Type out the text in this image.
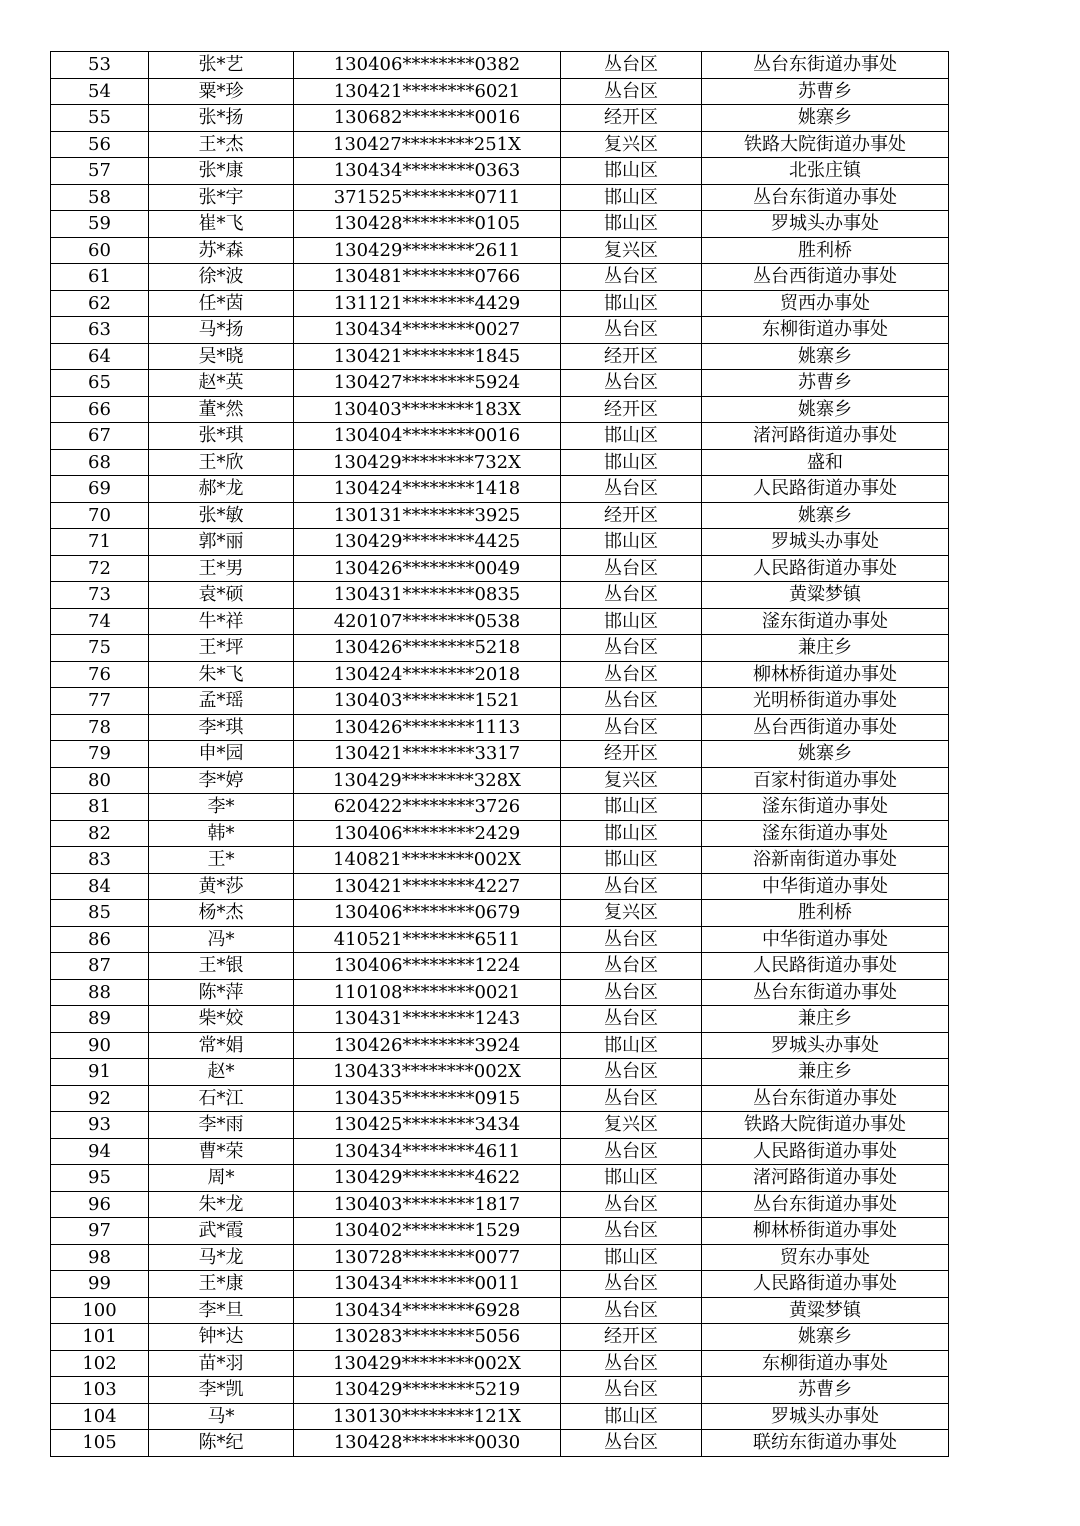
53	张*艺	130406********0382	丛台区	丛台东街道办事处
54	粟*珍	130421********6021	丛台区	苏曹乡
55	张*扬	130682********0016	经开区	姚寨乡
56	王*杰	130427********251X	复兴区	铁路大院街道办事处
57	张*康	130434********0363	邯山区	北张庄镇
58	张*宇	371525********0711	邯山区	丛台东街道办事处
59	崔*飞	130428********0105	邯山区	罗城头办事处
60	苏*森	130429********2611	复兴区	胜利桥
61	徐*波	130481********0766	丛台区	丛台西街道办事处
62	任*茵	131121********4429	邯山区	贸西办事处
63	马*扬	130434********0027	丛台区	东柳街道办事处
64	吴*晓	130421********1845	经开区	姚寨乡
65	赵*英	130427********5924	丛台区	苏曹乡
66	董*然	130403********183X	经开区	姚寨乡
67	张*琪	130404********0016	邯山区	渚河路街道办事处
68	王*欣	130429********732X	邯山区	盛和
69	郝*龙	130424********1418	丛台区	人民路街道办事处
70	张*敏	130131********3925	经开区	姚寨乡
71	郭*丽	130429********4425	邯山区	罗城头办事处
72	王*男	130426********0049	丛台区	人民路街道办事处
73	袁*硕	130431********0835	丛台区	黄粱梦镇
74	牛*祥	420107********0538	邯山区	滏东街道办事处
75	王*坪	130426********5218	丛台区	兼庄乡
76	朱*飞	130424********2018	丛台区	柳林桥街道办事处
77	孟*瑶	130403********1521	丛台区	光明桥街道办事处
78	李*琪	130426********1113	丛台区	丛台西街道办事处
79	申*园	130421********3317	经开区	姚寨乡
80	李*婷	130429********328X	复兴区	百家村街道办事处
81	李*	620422********3726	邯山区	滏东街道办事处
82	韩*	130406********2429	邯山区	滏东街道办事处
83	王*	140821********002X	邯山区	浴新南街道办事处
84	黄*莎	130421********4227	丛台区	中华街道办事处
85	杨*杰	130406********0679	复兴区	胜利桥
86	冯*	410521********6511	丛台区	中华街道办事处
87	王*银	130406********1224	丛台区	人民路街道办事处
88	陈*萍	110108********0021	丛台区	丛台东街道办事处
89	柴*姣	130431********1243	丛台区	兼庄乡
90	常*娟	130426********3924	邯山区	罗城头办事处
91	赵*	130433********002X	丛台区	兼庄乡
92	石*江	130435********0915	丛台区	丛台东街道办事处
93	李*雨	130425********3434	复兴区	铁路大院街道办事处
94	曹*荣	130434********4611	丛台区	人民路街道办事处
95	周*	130429********4622	邯山区	渚河路街道办事处
96	朱*龙	130403********1817	丛台区	丛台东街道办事处
97	武*霞	130402********1529	丛台区	柳林桥街道办事处
98	马*龙	130728********0077	邯山区	贸东办事处
99	王*康	130434********0011	丛台区	人民路街道办事处
100	李*旦	130434********6928	丛台区	黄粱梦镇
101	钟*达	130283********5056	经开区	姚寨乡
102	苗*羽	130429********002X	丛台区	东柳街道办事处
103	李*凯	130429********5219	丛台区	苏曹乡
104	马*	130130********121X	邯山区	罗城头办事处
105	陈*纪	130428********0030	丛台区	联纺东街道办事处
